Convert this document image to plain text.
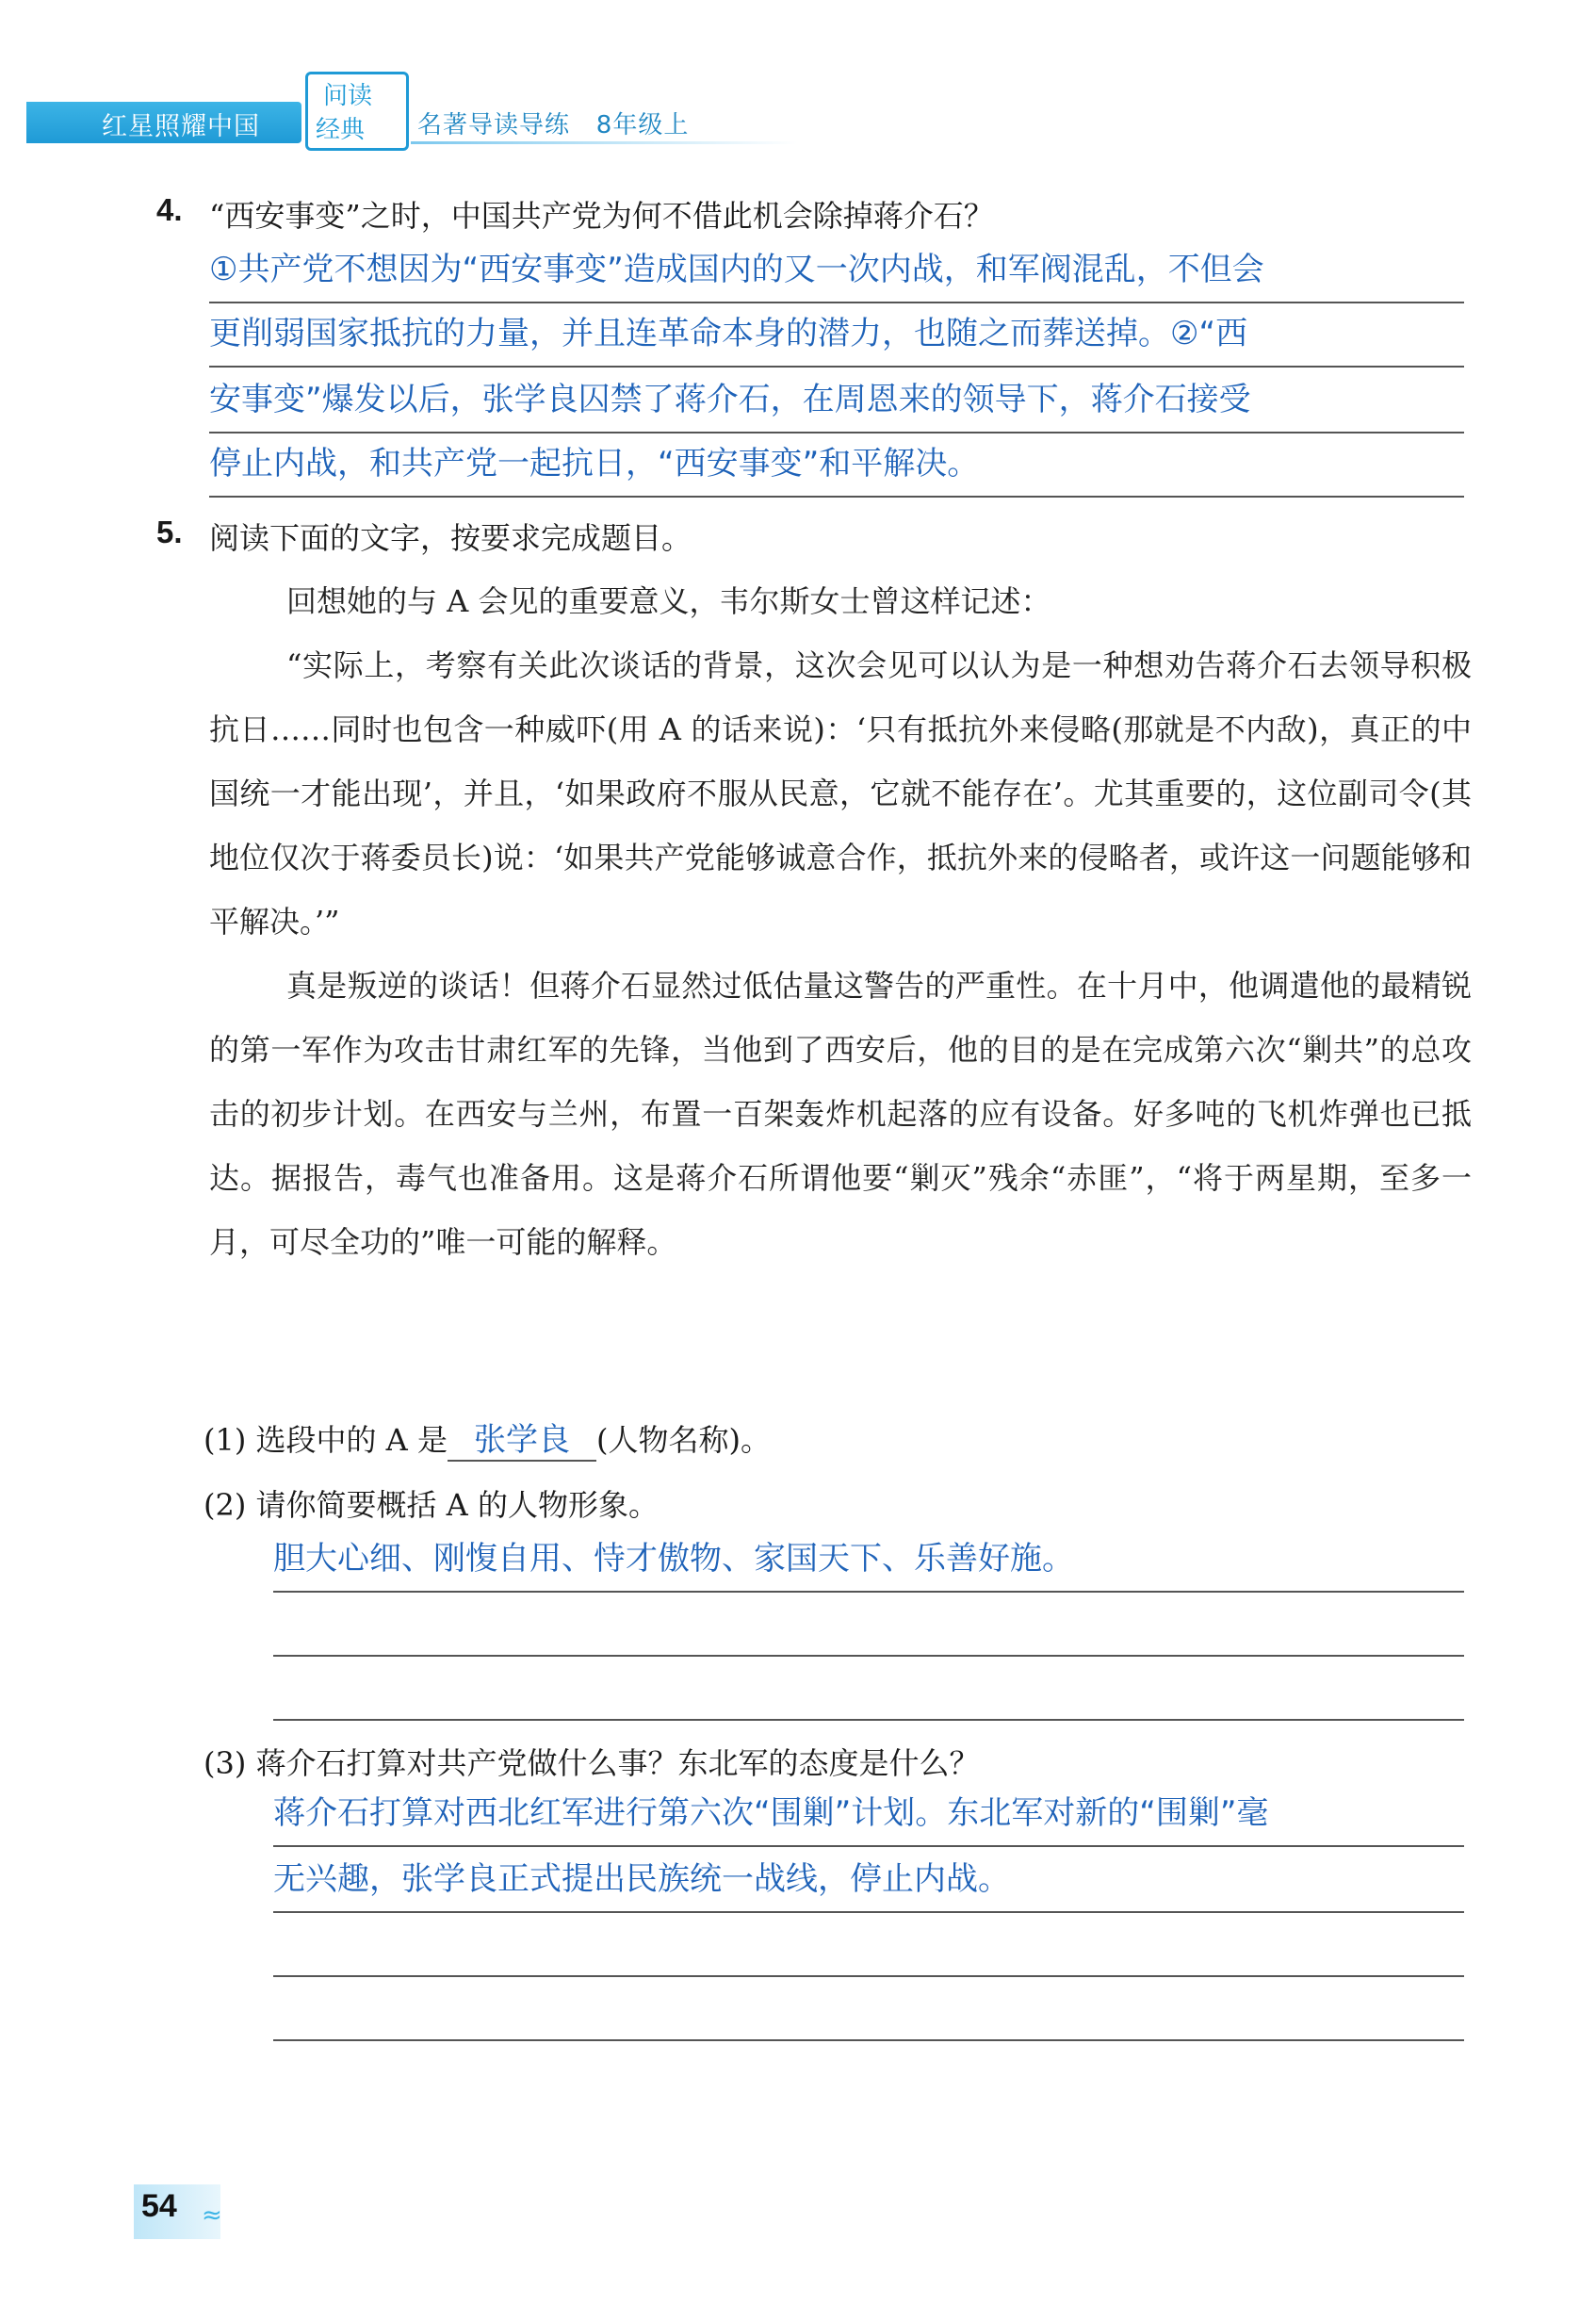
红星照耀中国
问读
经典 名著导读导练   8年级上
4. “西安事变”之时，中国共产党为何不借此机会除掉蒋介石？
①共产党不想因为“西安事变”造成国内的又一次内战，和军阀混乱，不但会
更削弱国家抵抗的力量，并且连革命本身的潜力，也随之而葬送掉。②“西
安事变”爆发以后，张学良囚禁了蒋介石，在周恩来的领导下，蒋介石接受
停止内战，和共产党一起抗日，“西安事变”和平解决。
5. 阅读下面的文字，按要求完成题目。

回想她的与 A 会见的重要意义，韦尔斯女士曾这样记述：

“实际上，考察有关此次谈话的背景，这次会见可以认为是一种想劝告蒋介石去领导积极抗日……同时也包含一种威吓(用 A 的话来说)：‘只有抵抗外来侵略(那就是不内敌)，真正的中国统一才能出现’，并且，‘如果政府不服从民意，它就不能存在’。尤其重要的，这位副司令(其地位仅次于蒋委员长)说：‘如果共产党能够诚意合作，抵抗外来的侵略者，或许这一问题能够和平解决。’”

真是叛逆的谈话！但蒋介石显然过低估量这警告的严重性。在十月中，他调遣他的最精锐的第一军作为攻击甘肃红军的先锋，当他到了西安后，他的目的是在完成第六次“剿共”的总攻击的初步计划。在西安与兰州，布置一百架轰炸机起落的应有设备。好多吨的飞机炸弹也已抵达。据报告，毒气也准备用。这是蒋介石所谓他要“剿灭”残余“赤匪”，“将于两星期，至多一月，可尽全功的”唯一可能的解释。

(1) 选段中的 A 是 张学良 (人物名称)。
(2) 请你简要概括 A 的人物形象。
胆大心细、刚愎自用、恃才傲物、家国天下、乐善好施。
(3) 蒋介石打算对共产党做什么事？东北军的态度是什么？
蒋介石打算对西北红军进行第六次“围剿”计划。东北军对新的“围剿”毫
无兴趣，张学良正式提出民族统一战线，停止内战。
54 ≈
